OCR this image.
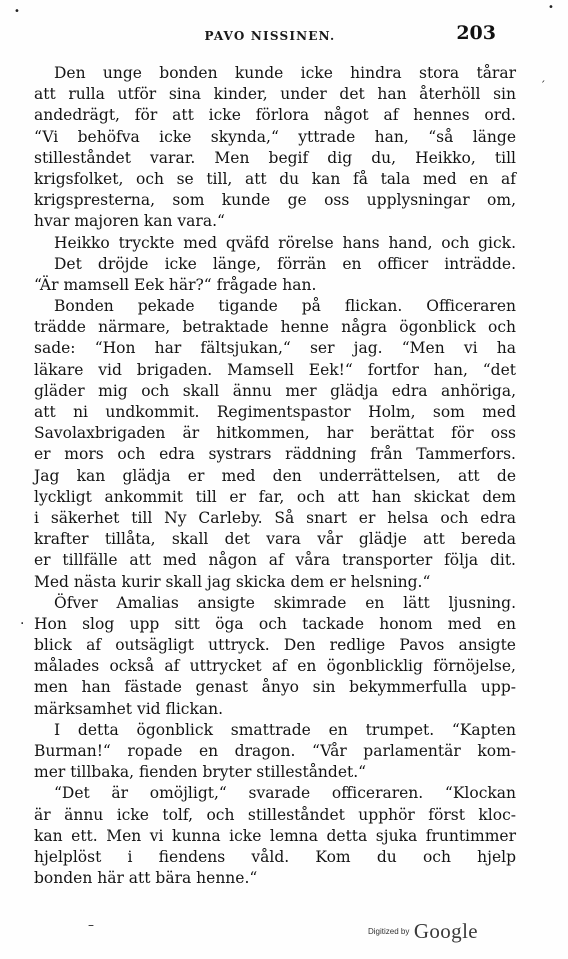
•	•
PAVO NISSINEN.	203
ˊ
.

Den unge bonden kunde icke hindra stora tårar
att rulla utför sina kinder, under det han återhöll sin
andedrägt, för att icke förlora något af hennes ord.
“Vi behöfva icke skynda,“ yttrade han, “så länge
stilleståndet varar. Men begif dig du, Heikko, till
krigsfolket, och se till, att du kan få tala med en af
krigspresterna, som kunde ge oss upplysningar om,
hvar majoren kan vara.“

Heikko tryckte med qväfd rörelse hans hand, och gick.

Det dröjde icke länge, förrän en officer inträdde.
“Är mamsell Eek här?“ frågade han.

Bonden pekade tigande på flickan. Officeraren
trädde närmare, betraktade henne några ögonblick och
sade: “Hon har fältsjukan,“ ser jag. “Men vi ha
läkare vid brigaden. Mamsell Eek!“ fortfor han, “det
gläder mig och skall ännu mer glädja edra anhöriga,
att ni undkommit. Regimentspastor Holm, som med
Savolaxbrigaden är hitkommen, har berättat för oss
er mors och edra systrars räddning från Tammerfors.
Jag kan glädja er med den underrättelsen, att de
lyckligt ankommit till er far, och att han skickat dem
i säkerhet till Ny Carleby. Så snart er helsa och edra
krafter tillåta, skall det vara vår glädje att bereda
er tillfälle att med någon af våra transporter följa dit.
Med nästa kurir skall jag skicka dem er helsning.“

Öfver Amalias ansigte skimrade en lätt ljusning.
Hon slog upp sitt öga och tackade honom med en
blick af outsägligt uttryck. Den redlige Pavos ansigte
målades också af uttrycket af en ögonblicklig förnöjelse,
men han fästade genast ånyo sin bekymmerfulla upp-
märksamhet vid flickan.

I detta ögonblick smattrade en trumpet. “Kapten
Burman!“ ropade en dragon. “Vår parlamentär kom-
mer tillbaka, fienden bryter stilleståndet.“

“Det är omöjligt,“ svarade officeraren. “Klockan
är ännu icke tolf, och stilleståndet upphör först kloc-
kan ett. Men vi kunna icke lemna detta sjuka fruntimmer
hjelplöst i fiendens våld. Kom du och hjelp
bonden här att bära henne.“

–	Digitized by Google
